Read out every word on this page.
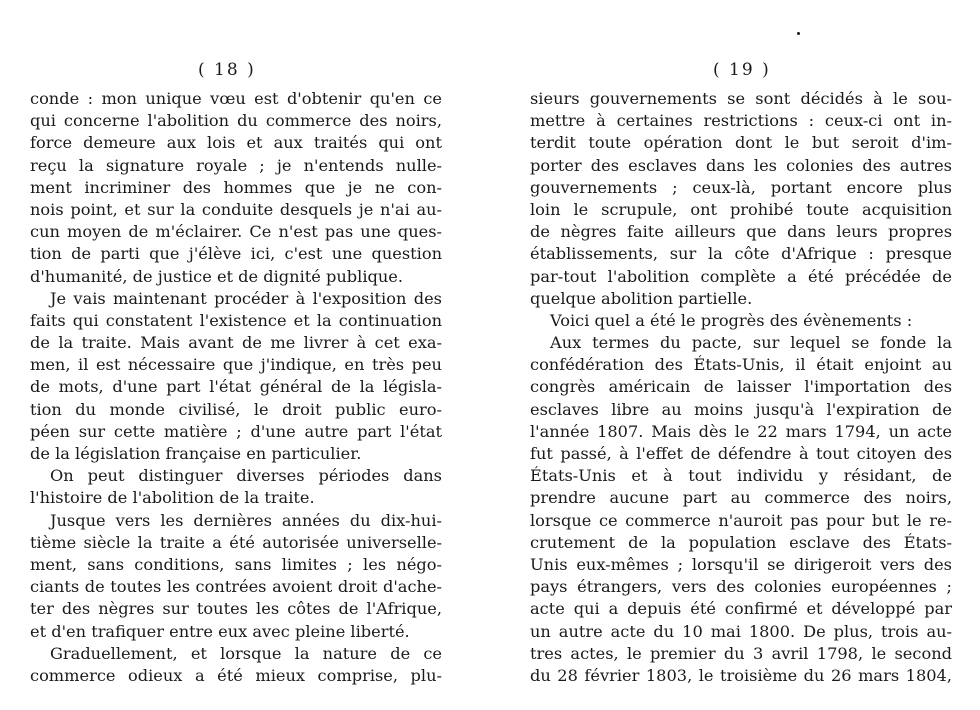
( 18 )
conde : mon unique vœu est d'obtenir qu'en ce
qui concerne l'abolition du commerce des noirs,
force demeure aux lois et aux traités qui ont
reçu la signature royale ; je n'entends nulle-
ment incriminer des hommes que je ne con-
nois point, et sur la conduite desquels je n'ai au-
cun moyen de m'éclairer. Ce n'est pas une ques-
tion de parti que j'élève ici, c'est une question
d'humanité, de justice et de dignité publique.
Je vais maintenant procéder à l'exposition des
faits qui constatent l'existence et la continuation
de la traite. Mais avant de me livrer à cet exa-
men, il est nécessaire que j'indique, en très peu
de mots, d'une part l'état général de la législa-
tion du monde civilisé, le droit public euro-
péen sur cette matière ; d'une autre part l'état
de la législation française en particulier.
On peut distinguer diverses périodes dans
l'histoire de l'abolition de la traite.
Jusque vers les dernières années du dix-hui-
tième siècle la traite a été autorisée universelle-
ment, sans conditions, sans limites ; les négo-
ciants de toutes les contrées avoient droit d'ache-
ter des nègres sur toutes les côtes de l'Afrique,
et d'en trafiquer entre eux avec pleine liberté.
Graduellement, et lorsque la nature de ce
commerce odieux a été mieux comprise, plu-
( 19 )
sieurs gouvernements se sont décidés à le sou-
mettre à certaines restrictions : ceux-ci ont in-
terdit toute opération dont le but seroit d'im-
porter des esclaves dans les colonies des autres
gouvernements ; ceux-là, portant encore plus
loin le scrupule, ont prohibé toute acquisition
de nègres faite ailleurs que dans leurs propres
établissements, sur la côte d'Afrique : presque
par-tout l'abolition complète a été précédée de
quelque abolition partielle.
Voici quel a été le progrès des évènements :
Aux termes du pacte, sur lequel se fonde la
confédération des États-Unis, il était enjoint au
congrès américain de laisser l'importation des
esclaves libre au moins jusqu'à l'expiration de
l'année 1807. Mais dès le 22 mars 1794, un acte
fut passé, à l'effet de défendre à tout citoyen des
États-Unis et à tout individu y résidant, de
prendre aucune part au commerce des noirs,
lorsque ce commerce n'auroit pas pour but le re-
crutement de la population esclave des États-
Unis eux-mêmes ; lorsqu'il se dirigeroit vers des
pays étrangers, vers des colonies européennes ;
acte qui a depuis été confirmé et développé par
un autre acte du 10 mai 1800. De plus, trois au-
tres actes, le premier du 3 avril 1798, le second
du 28 février 1803, le troisième du 26 mars 1804,
